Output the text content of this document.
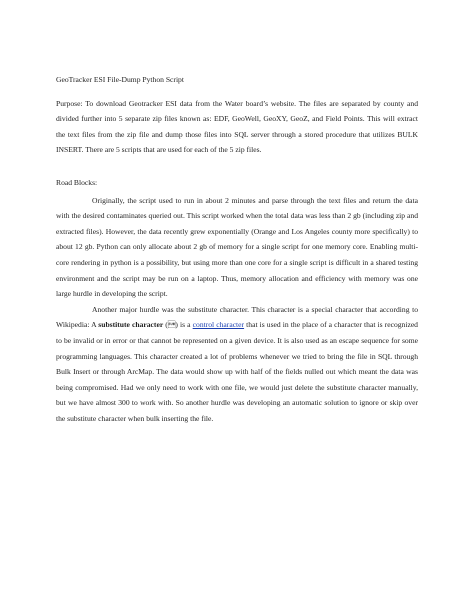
GeoTracker ESI File-Dump Python Script

Purpose: To download Geotracker ESI data from the Water board’s website. The files are separated by county and divided further into 5 separate zip files known as: EDF, GeoWell, GeoXY, GeoZ, and Field Points. This will extract the text files from the zip file and dump those files into SQL server through a stored procedure that utilizes BULK INSERT. There are 5 scripts that are used for each of the 5 zip files.

Road Blocks:

Originally, the script used to run in about 2 minutes and parse through the text files and return the data with the desired contaminates queried out. This script worked when the total data was less than 2 gb (including zip and extracted files). However, the data recently grew exponentially (Orange and Los Angeles county more specifically) to about 12 gb. Python can only allocate about 2 gb of memory for a single script for one memory core. Enabling multi-core rendering in python is a possibility, but using more than one core for a single script is difficult in a shared testing environment and the script may be run on a laptop. Thus, memory allocation and efficiency with memory was one large hurdle in developing the script.

Another major hurdle was the substitute character. This character is a special character that according to Wikipedia: A substitute character () is a control character that is used in the place of a character that is recognized to be invalid or in error or that cannot be represented on a given device. It is also used as an escape sequence for some programming languages. This character created a lot of problems whenever we tried to bring the file in SQL through Bulk Insert or through ArcMap. The data would show up with half of the fields nulled out which meant the data was being compromised. Had we only need to work with one file, we would just delete the substitute character manually, but we have almost 300 to work with. So another hurdle was developing an automatic solution to ignore or skip over the substitute character when bulk inserting the file.
